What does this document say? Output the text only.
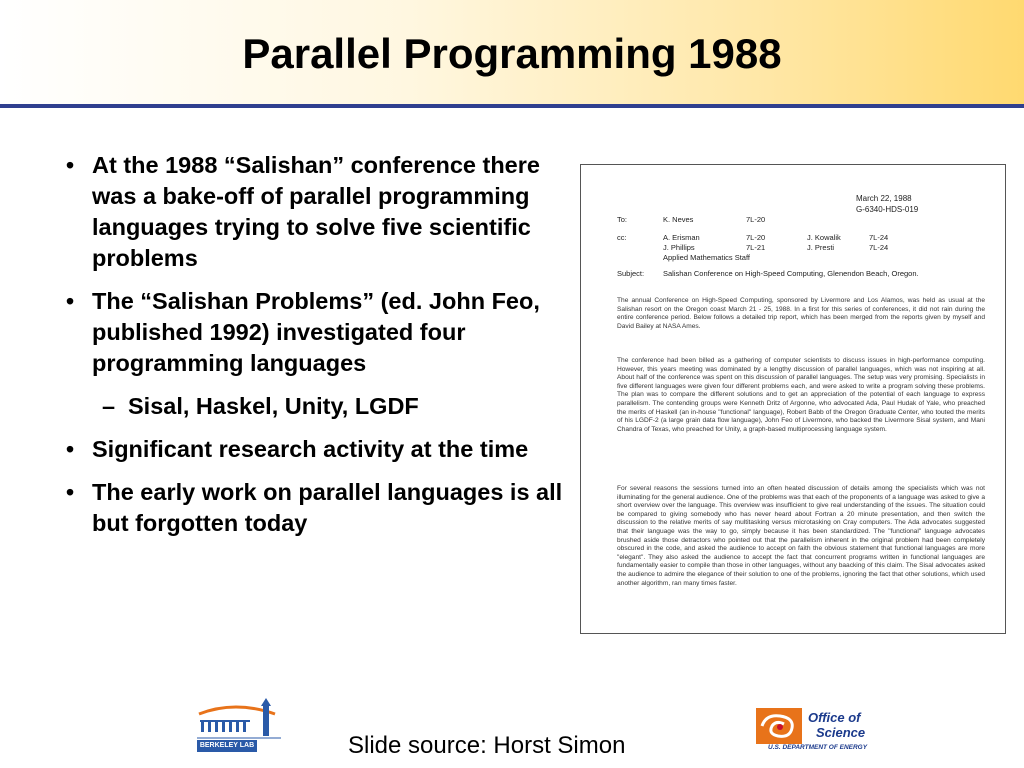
Parallel Programming 1988
• At the 1988 “Salishan” conference there was a bake-off of parallel programming languages trying to solve five scientific problems
• The “Salishan Problems” (ed. John Feo, published 1992) investigated four programming languages
– Sisal, Haskel, Unity, LGDF
• Significant research activity at the time
• The early work on parallel languages is all but forgotten today
March 22, 1988
G-6340-HDS-019
To:	K. Neves	7L-20
cc:	A. Erisman	7L-20	J. Kowalik	7L-24
J. Phillips	7L-21	J. Presti	7L-24
Applied Mathematics Staff
Subject:	Salishan Conference on High-Speed Computing, Glenendon Beach, Oregon.
The annual Conference on High-Speed Computing, sponsored by Livermore and Los Alamos, was held as usual at the Salishan resort on the Oregon coast March 21 - 25, 1988. In a first for this series of conferences, it did not rain during the entire conference period. Below follows a detailed trip report, which has been merged from the reports given by myself and David Bailey at NASA Ames.
The conference had been billed as a gathering of computer scientists to discuss issues in high-performance computing. However, this years meeting was dominated by a lengthy discussion of parallel languages, which was not inspiring at all. About half of the conference was spent on this discussion of parallel languages. The setup was very promising. Specialists in five different languages were given four different problems each, and were asked to write a program solving these problems. The plan was to compare the different solutions and to get an appreciation of the potential of each language to express parallelism. The contending groups were Kenneth Dritz of Argonne, who advocated Ada, Paul Hudak of Yale, who preached the merits of Haskell (an in-house "functional" language), Robert Babb of the Oregon Graduate Center, who touted the merits of his LGDF-2 (a large grain data flow language), John Feo of Livermore, who backed the Livermore Sisal system, and Mani Chandra of Texas, who preached for Unity, a graph-based multiprocessing language system.
For several reasons the sessions turned into an often heated discussion of details among the specialists which was not illuminating for the general audience. One of the problems was that each of the proponents of a language was asked to give a short overview over the language. This overview was insufficient to give real understanding of the issues. The situation could be compared to giving somebody who has never heard about Fortran a 20 minute presentation, and then switch the discussion to the relative merits of say multitasking versus microtasking on Cray computers. The Ada advocates suggested that their language was the way to go, simply because it has been standardized. The "functional" language advocates brushed aside those detractors who pointed out that the parallelism inherent in the original problem had been completely obscured in the code, and asked the audience to accept on faith the obvious statement that functional languages are more "elegant". They also asked the audience to accept the fact that concurrent programs written in functional languages are fundamentally easier to compile than those in other languages, without any baacking of this claim. The Sisal advocates asked the audience to admire the elegance of their solution to one of the problems, ignoring the fact that other solutions, which used another algorithm, ran many times faster.
BERKELEY LAB
Office of
Science
U.S. DEPARTMENT OF ENERGY
Slide source: Horst Simon
